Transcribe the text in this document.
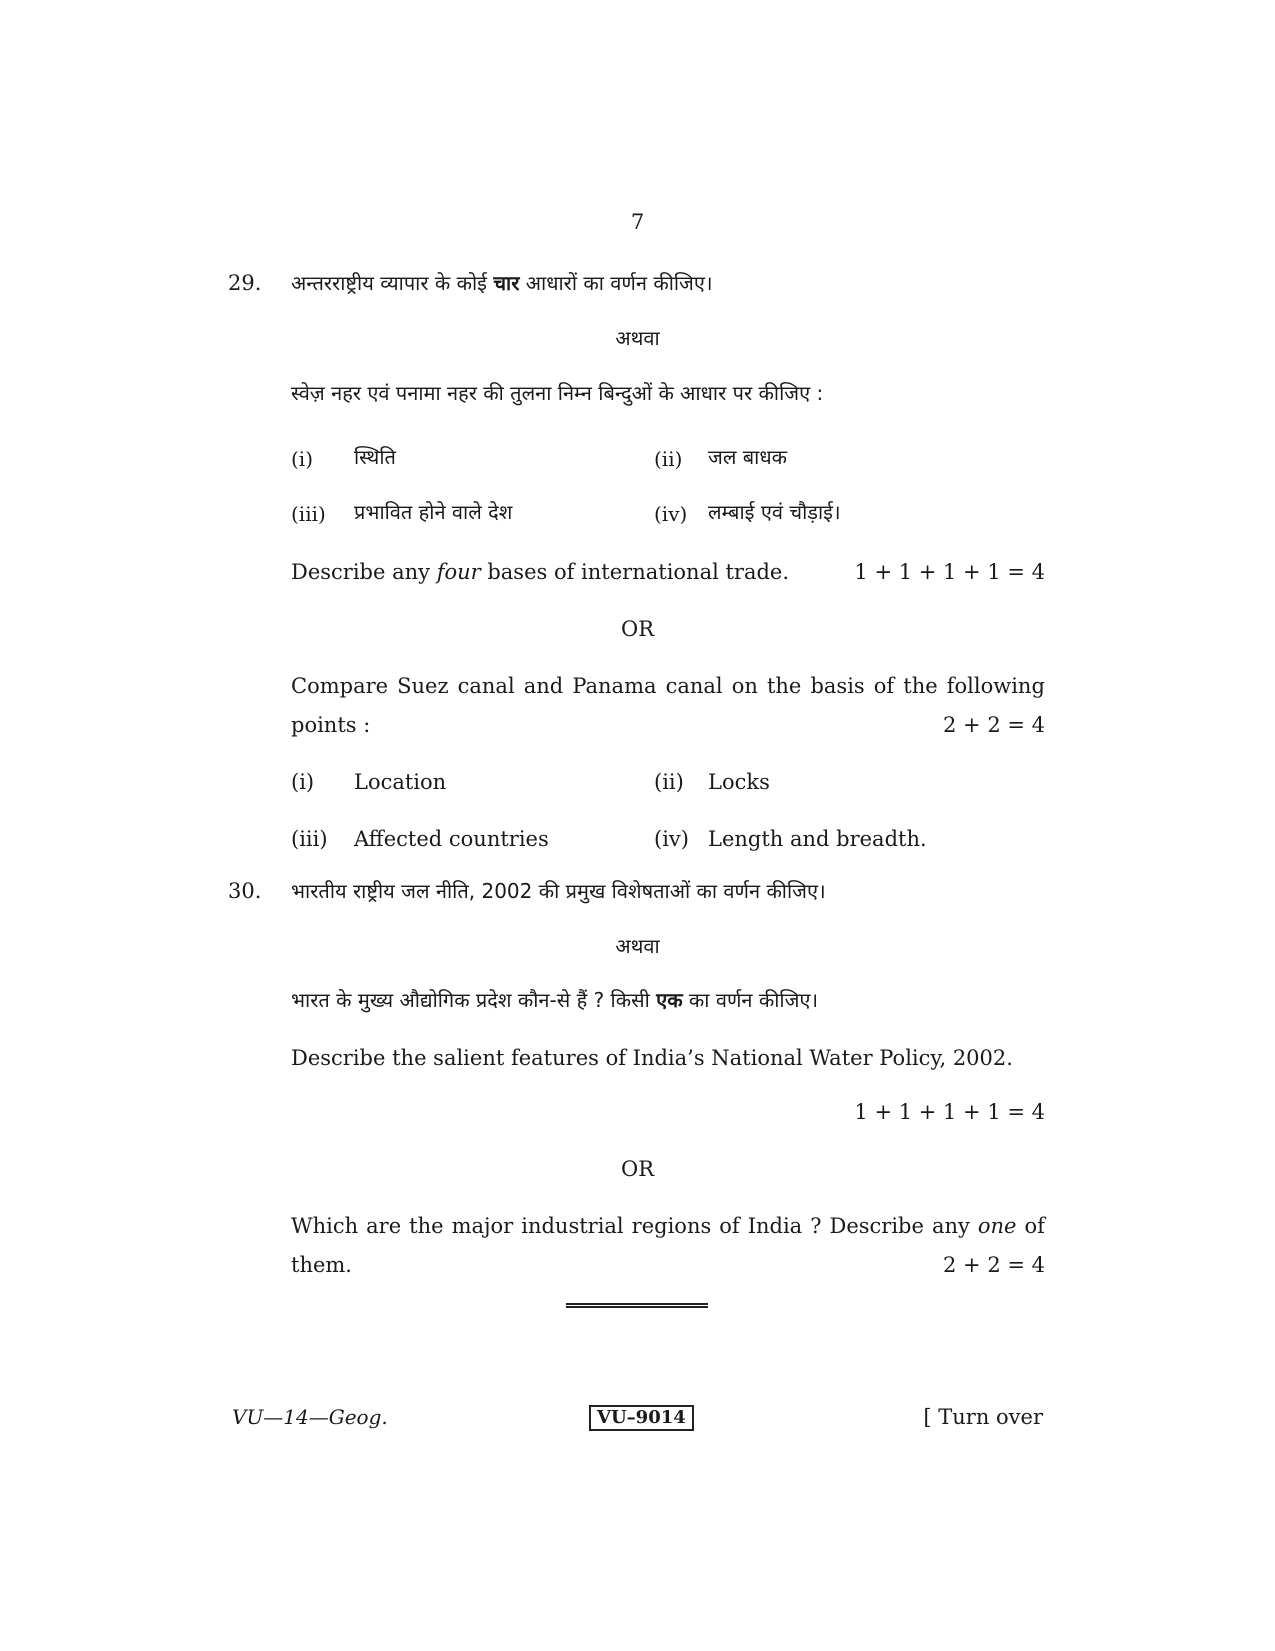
7
29. अन्तरराष्ट्रीय व्यापार के कोई चार आधारों का वर्णन कीजिए।
अथवा
स्वेज़ नहर एवं पनामा नहर की तुलना निम्न बिन्दुओं के आधार पर कीजिए :
(i) स्थिति	(ii) जल बाधक
(iii) प्रभावित होने वाले देश	(iv) लम्बाई एवं चौड़ाई।
Describe any four bases of international trade.	1 + 1 + 1 + 1 = 4
OR
Compare Suez canal and Panama canal on the basis of the following
points :	2 + 2 = 4
(i) Location	(ii) Locks
(iii) Affected countries	(iv) Length and breadth.
30. भारतीय राष्ट्रीय जल नीति, 2002 की प्रमुख विशेषताओं का वर्णन कीजिए।
अथवा
भारत के मुख्य औद्योगिक प्रदेश कौन-से हैं ? किसी एक का वर्णन कीजिए।
Describe the salient features of India’s National Water Policy, 2002.
1 + 1 + 1 + 1 = 4
OR
Which are the major industrial regions of India ? Describe any one of
them.	2 + 2 = 4
VU—14—Geog.	VU–9014	[ Turn over
